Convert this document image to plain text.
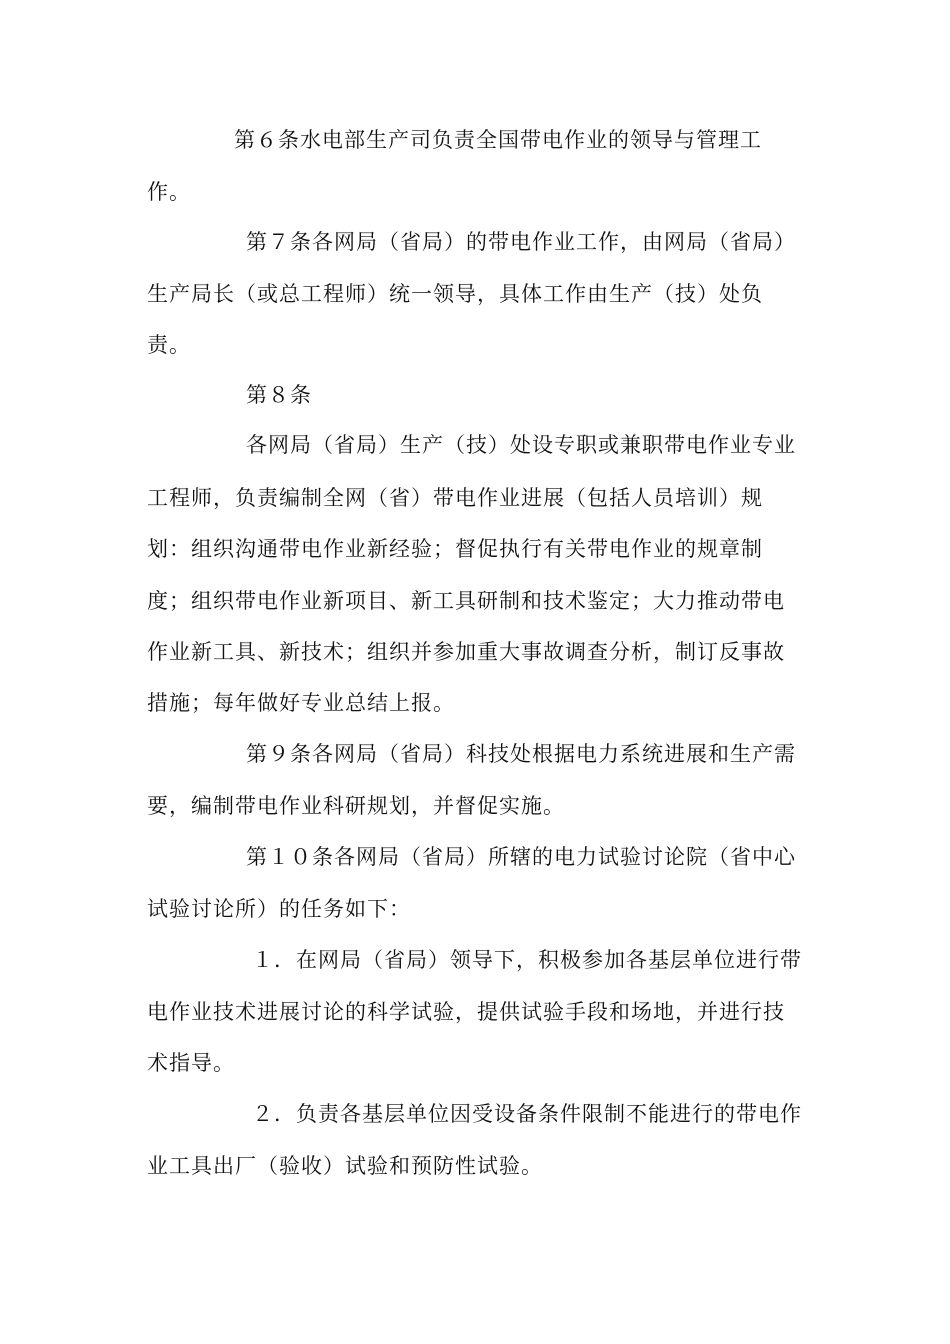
第６条水电部生产司负责全国带电作业的领导与管理工
作。
第７条各网局（省局）的带电作业工作，由网局（省局）
生产局长（或总工程师）统一领导，具体工作由生产（技）处负
责。
第８条
各网局（省局）生产（技）处设专职或兼职带电作业专业
工程师，负责编制全网（省）带电作业进展（包括人员培训）规
划：组织沟通带电作业新经验；督促执行有关带电作业的规章制
度；组织带电作业新项目、新工具研制和技术鉴定；大力推动带电
作业新工具、新技术；组织并参加重大事故调查分析，制订反事故
措施；每年做好专业总结上报。
第９条各网局（省局）科技处根据电力系统进展和生产需
要，编制带电作业科研规划，并督促实施。
第１０条各网局（省局）所辖的电力试验讨论院（省中心
试验讨论所）的任务如下：
１．在网局（省局）领导下，积极参加各基层单位进行带
电作业技术进展讨论的科学试验，提供试验手段和场地，并进行技
术指导。
２．负责各基层单位因受设备条件限制不能进行的带电作
业工具出厂（验收）试验和预防性试验。
